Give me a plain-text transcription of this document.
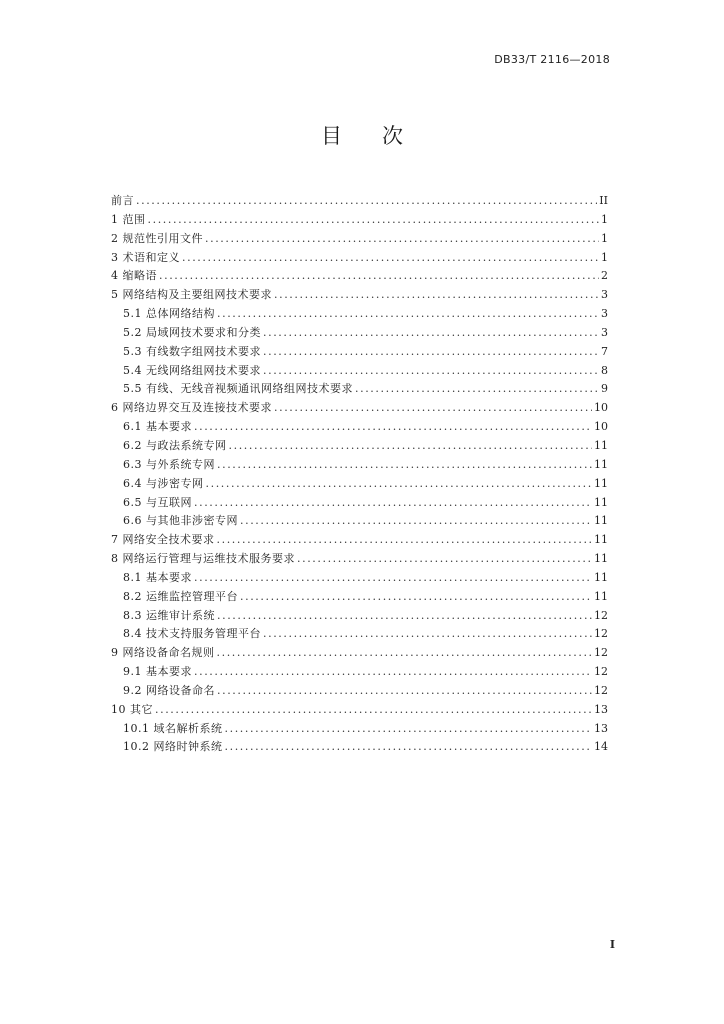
DB33/T 2116—2018
目 次
前言 .....	II
1 范围 .....	1
2 规范性引用文件 .....	1
3 术语和定义 .....	1
4 缩略语 .....	2
5 网络结构及主要组网技术要求 .....	3
5.1 总体网络结构 .....	3
5.2 局域网技术要求和分类 .....	3
5.3 有线数字组网技术要求 .....	7
5.4 无线网络组网技术要求 .....	8
5.5 有线、无线音视频通讯网络组网技术要求 .....	9
6 网络边界交互及连接技术要求 .....	10
6.1 基本要求 .....	10
6.2 与政法系统专网 .....	11
6.3 与外系统专网 .....	11
6.4 与涉密专网 .....	11
6.5 与互联网 .....	11
6.6 与其他非涉密专网 .....	11
7 网络安全技术要求 .....	11
8 网络运行管理与运维技术服务要求 .....	11
8.1 基本要求 .....	11
8.2 运维监控管理平台 .....	11
8.3 运维审计系统 .....	12
8.4 技术支持服务管理平台 .....	12
9 网络设备命名规则 .....	12
9.1 基本要求 .....	12
9.2 网络设备命名 .....	12
10 其它 .....	13
10.1 域名解析系统 .....	13
10.2 网络时钟系统 .....	14
I
